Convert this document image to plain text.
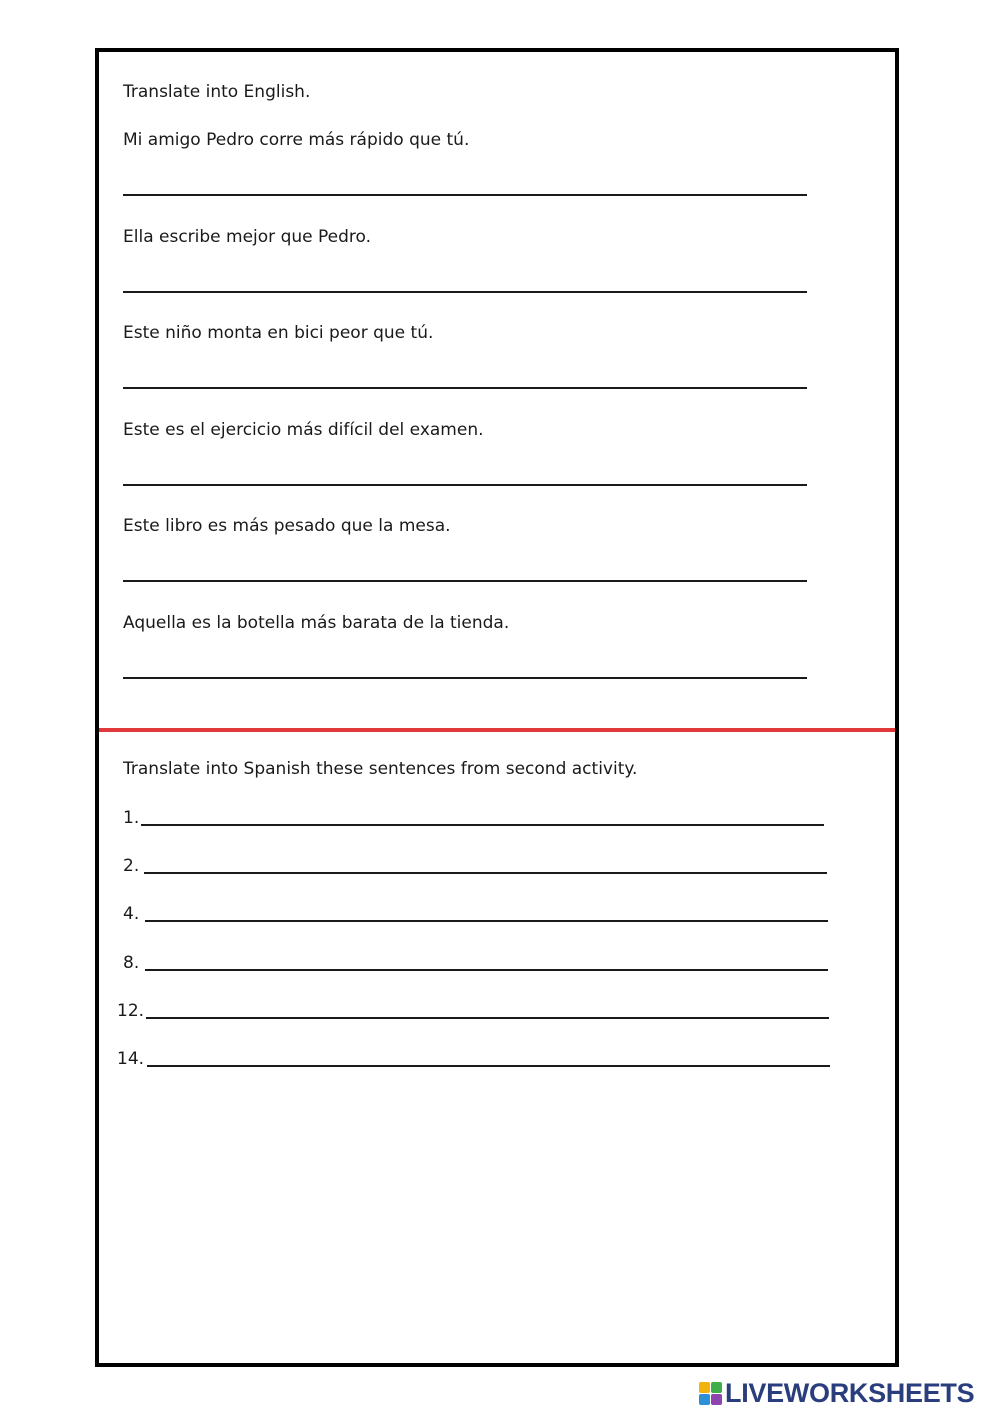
Translate into English.
Mi amigo Pedro corre más rápido que tú.
Ella escribe mejor que Pedro.
Este niño monta en bici peor que tú.
Este es el ejercicio más difícil del examen.
Este libro es más pesado que la mesa.
Aquella es la botella más barata de la tienda.
Translate into Spanish these sentences from second activity.
1.
2.
4.
8.
12.
14.
LIVEWORKSHEETS
